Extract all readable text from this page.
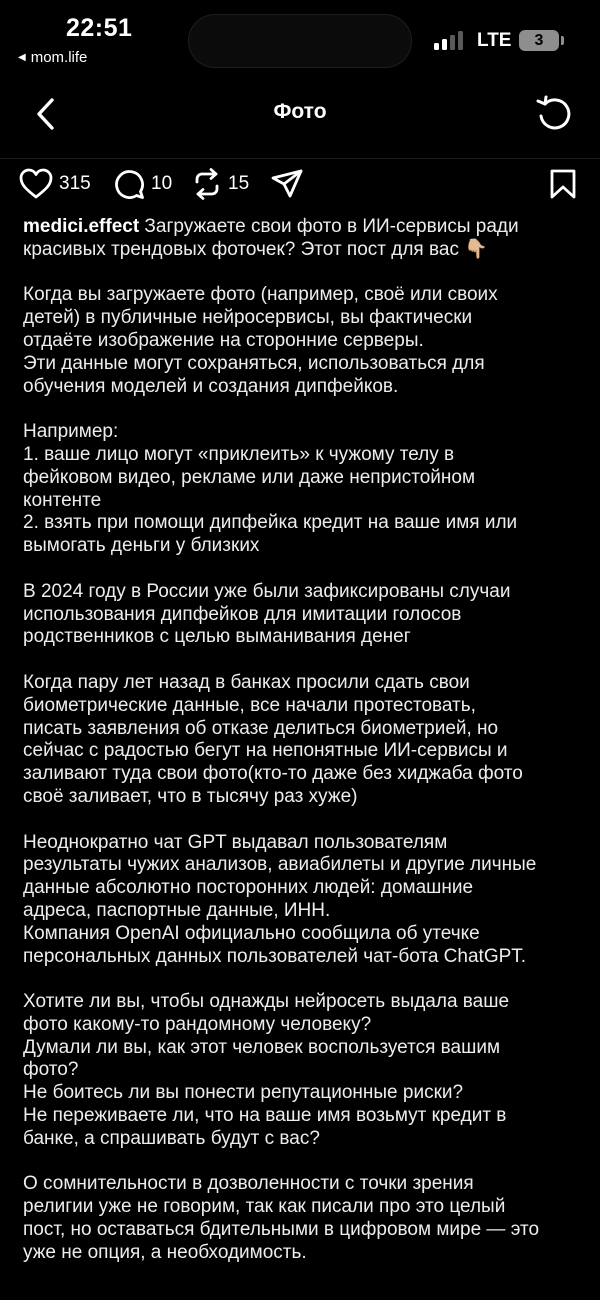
22:51
◀ mom.life
LTE	3
Фото
315	10	15

medici.effect Загружаете свои фото в ИИ-сервисы ради
красивых трендовых фоточек? Этот пост для вас 👇🏼

Когда вы загружаете фото (например, своё или своих
детей) в публичные нейросервисы, вы фактически
отдаёте изображение на сторонние серверы.
Эти данные могут сохраняться, использоваться для
обучения моделей и создания дипфейков.

Например:
1. ваше лицо могут «приклеить» к чужому телу в
фейковом видео, рекламе или даже непристойном
контенте
2. взять при помощи дипфейка кредит на ваше имя или
вымогать деньги у близких

В 2024 году в России уже были зафиксированы случаи
использования дипфейков для имитации голосов
родственников с целью выманивания денег

Когда пару лет назад в банках просили сдать свои
биометрические данные, все начали протестовать,
писать заявления об отказе делиться биометрией, но
сейчас с радостью бегут на непонятные ИИ-сервисы и
заливают туда свои фото(кто-то даже без хиджаба фото
своё заливает, что в тысячу раз хуже)

Неоднократно чат GPT выдавал пользователям
результаты чужих анализов, авиабилеты и другие личные
данные абсолютно посторонних людей: домашние
адреса, паспортные данные, ИНН.
Компания OpenAI официально сообщила об утечке
персональных данных пользователей чат-бота ChatGPT.

Хотите ли вы, чтобы однажды нейросеть выдала ваше
фото какому-то рандомному человеку?
Думали ли вы, как этот человек воспользуется вашим
фото?
Не боитесь ли вы понести репутационные риски?
Не переживаете ли, что на ваше имя возьмут кредит в
банке, а спрашивать будут с вас?

О сомнительности в дозволенности с точки зрения
религии уже не говорим, так как писали про это целый
пост, но оставаться бдительными в цифровом мире — это
уже не опция, а необходимость.
